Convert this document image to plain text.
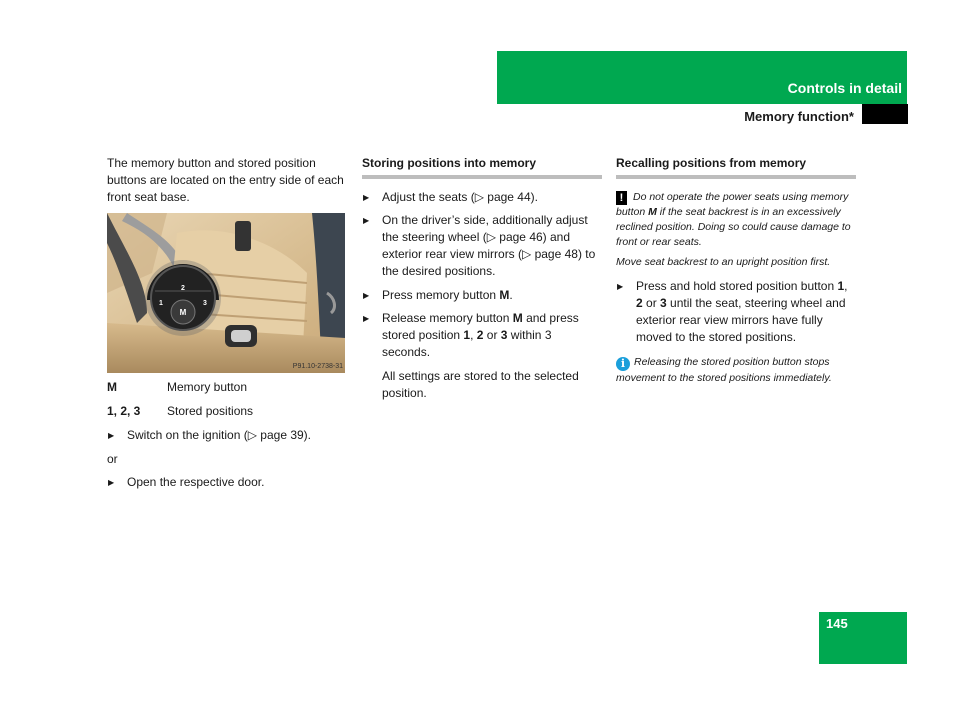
Controls in detail
Memory function*

The memory button and stored position buttons are located on the entry side of each front seat base.

M
1
2
3
P91.10-2738-31
M	Memory button
1, 2, 3	Stored positions
▶ Switch on the ignition (▷ page 39).

or

▶ Open the respective door.
Storing positions into memory
▶ Adjust the seats (▷ page 44).
▶ On the driver’s side, additionally adjust the steering wheel (▷ page 46) and exterior rear view mirrors (▷ page 48) to the desired positions.
▶ Press memory button M.
▶ Release memory button M and press stored position 1, 2 or 3 within 3 seconds.

All settings are stored to the selected position.

Recalling positions from memory

! Do not operate the power seats using memory button M if the seat backrest is in an excessively reclined position. Doing so could cause damage to front or rear seats.

Move seat backrest to an upright position first.

▶ Press and hold stored position button 1, 2 or 3 until the seat, steering wheel and exterior rear view mirrors have fully moved to the stored positions.

i Releasing the stored position button stops movement to the stored positions immediately.

145
